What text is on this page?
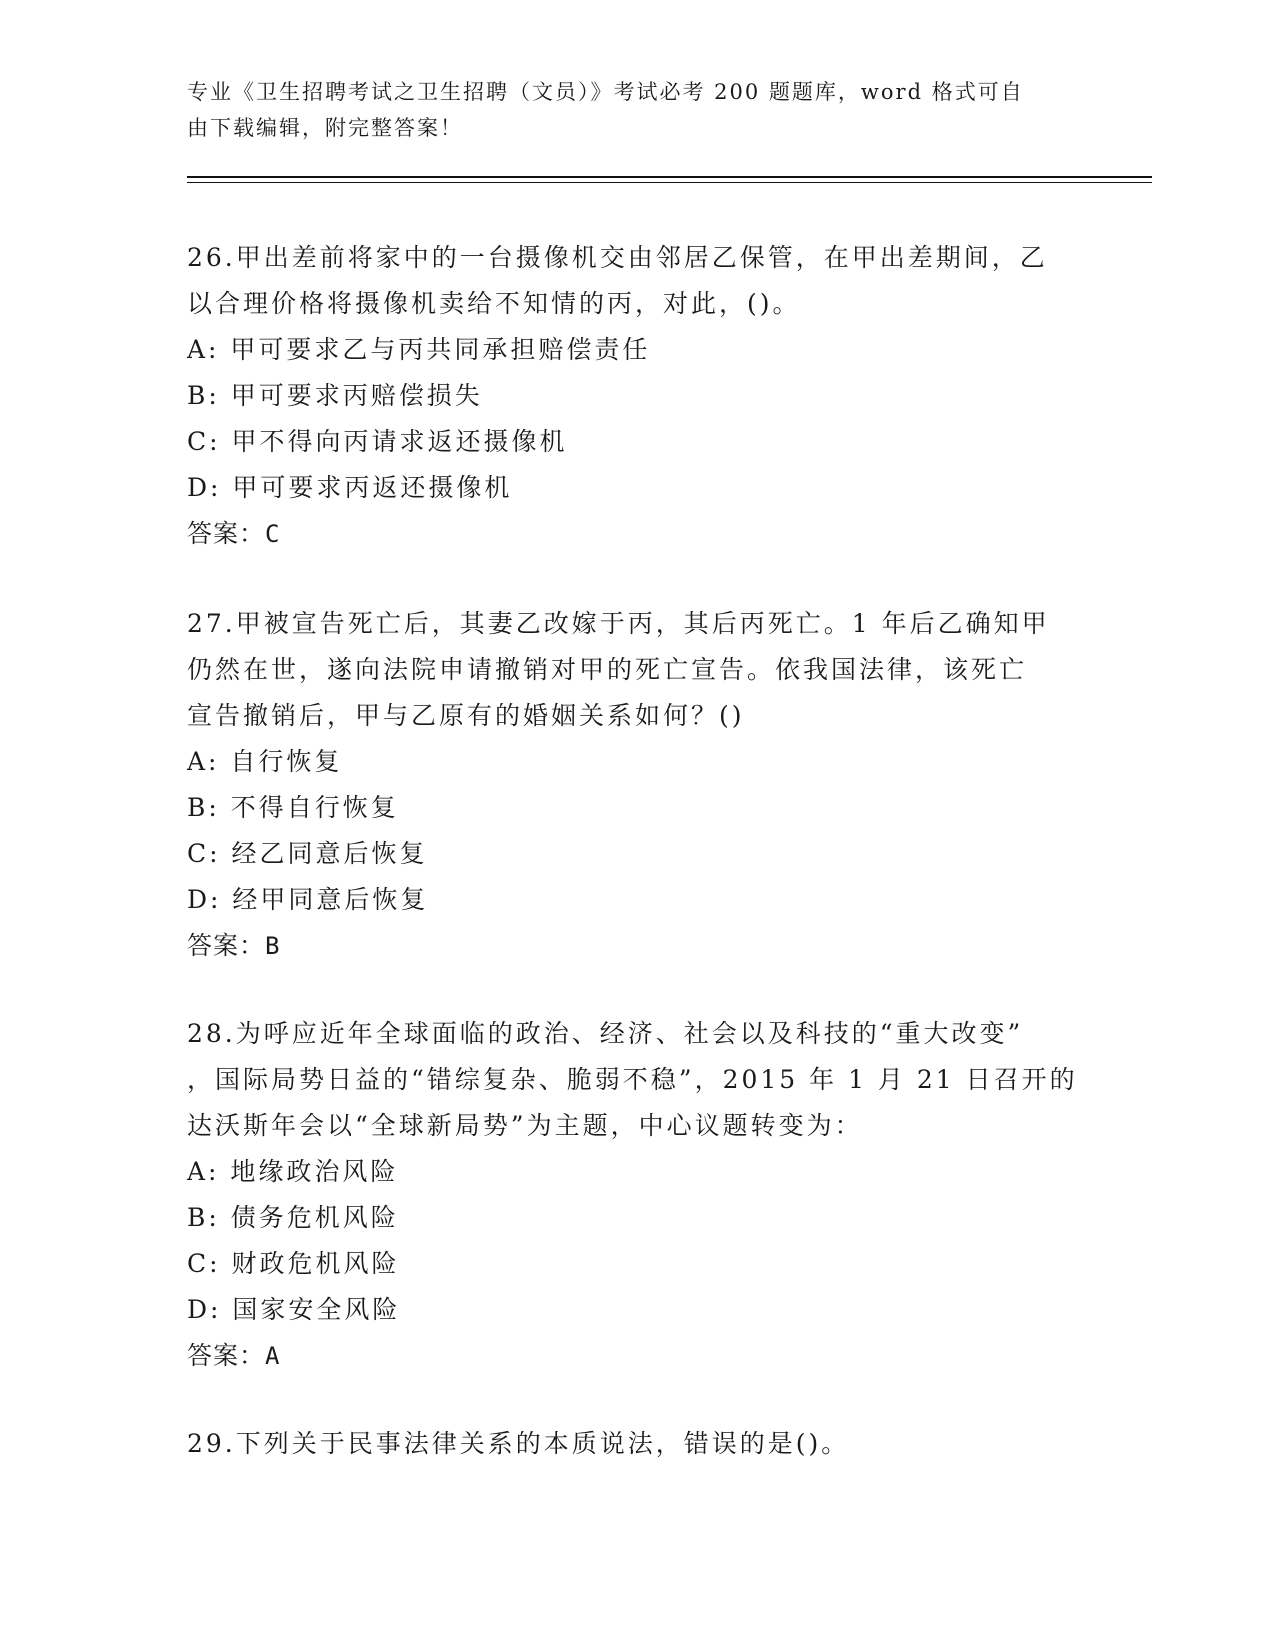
专业《卫生招聘考试之卫生招聘（文员）》考试必考 200 题题库，word 格式可自
由下载编辑，附完整答案！
26.甲出差前将家中的一台摄像机交由邻居乙保管，在甲出差期间，乙
以合理价格将摄像机卖给不知情的丙，对此，()。
A: 甲可要求乙与丙共同承担赔偿责任
B: 甲可要求丙赔偿损失
C: 甲不得向丙请求返还摄像机
D: 甲可要求丙返还摄像机
答案：C
27.甲被宣告死亡后，其妻乙改嫁于丙，其后丙死亡。1 年后乙确知甲
仍然在世，遂向法院申请撤销对甲的死亡宣告。依我国法律，该死亡
宣告撤销后，甲与乙原有的婚姻关系如何？()
A: 自行恢复
B: 不得自行恢复
C: 经乙同意后恢复
D: 经甲同意后恢复
答案：B
28.为呼应近年全球面临的政治、经济、社会以及科技的“重大改变”
，国际局势日益的“错综复杂、脆弱不稳”，2015 年 1 月 21 日召开的
达沃斯年会以“全球新局势”为主题，中心议题转变为：
A: 地缘政治风险
B: 债务危机风险
C: 财政危机风险
D: 国家安全风险
答案：A
29.下列关于民事法律关系的本质说法，错误的是()。
